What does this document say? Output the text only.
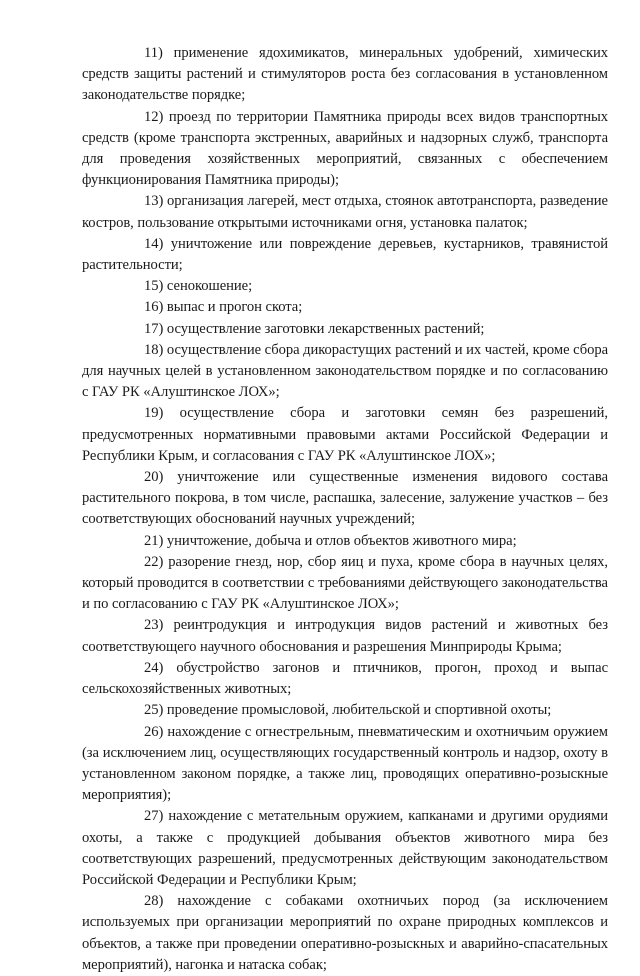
11) применение ядохимикатов, минеральных удобрений, химических средств защиты растений и стимуляторов роста без согласования в установленном законодательстве порядке;

12) проезд по территории Памятника природы всех видов транспортных средств (кроме транспорта экстренных, аварийных и надзорных служб, транспорта для проведения хозяйственных мероприятий, связанных с обеспечением функционирования Памятника природы);

13) организация лагерей, мест отдыха, стоянок автотранспорта, разведение костров, пользование открытыми источниками огня, установка палаток;

14) уничтожение или повреждение деревьев, кустарников, травянистой растительности;

15) сенокошение;

16) выпас и прогон скота;

17) осуществление заготовки лекарственных растений;

18) осуществление сбора дикорастущих растений и их частей, кроме сбора для научных целей в установленном законодательством порядке и по согласованию с ГАУ РК «Алуштинское ЛОХ»;

19) осуществление сбора и заготовки семян без разрешений, предусмотренных нормативными правовыми актами Российской Федерации и Республики Крым, и согласования с ГАУ РК «Алуштинское ЛОХ»;

20) уничтожение или существенные изменения видового состава растительного покрова, в том числе, распашка, залесение, залужение участков – без соответствующих обоснований научных учреждений;

21) уничтожение, добыча и отлов объектов животного мира;

22) разорение гнезд, нор, сбор яиц и пуха, кроме сбора в научных целях, который проводится в соответствии с требованиями действующего законодательства и по согласованию с ГАУ РК «Алуштинское ЛОХ»;

23) реинтродукция и интродукция видов растений и животных без соответствующего научного обоснования и разрешения Минприроды Крыма;

24) обустройство загонов и птичников, прогон, проход и выпас сельскохозяйственных животных;

25) проведение промысловой, любительской и спортивной охоты;

26) нахождение с огнестрельным, пневматическим и охотничьим оружием (за исключением лиц, осуществляющих государственный контроль и надзор, охоту в установленном законом порядке, а также лиц, проводящих оперативно-розыскные мероприятия);

27) нахождение с метательным оружием, капканами и другими орудиями охоты, а также с продукцией добывания объектов животного мира без соответствующих разрешений, предусмотренных действующим законодательством Российской Федерации и Республики Крым;

28) нахождение с собаками охотничьих пород (за исключением используемых при организации мероприятий по охране природных комплексов и объектов, а также при проведении оперативно-розыскных и аварийно-спасательных мероприятий), нагонка и натаска собак;
